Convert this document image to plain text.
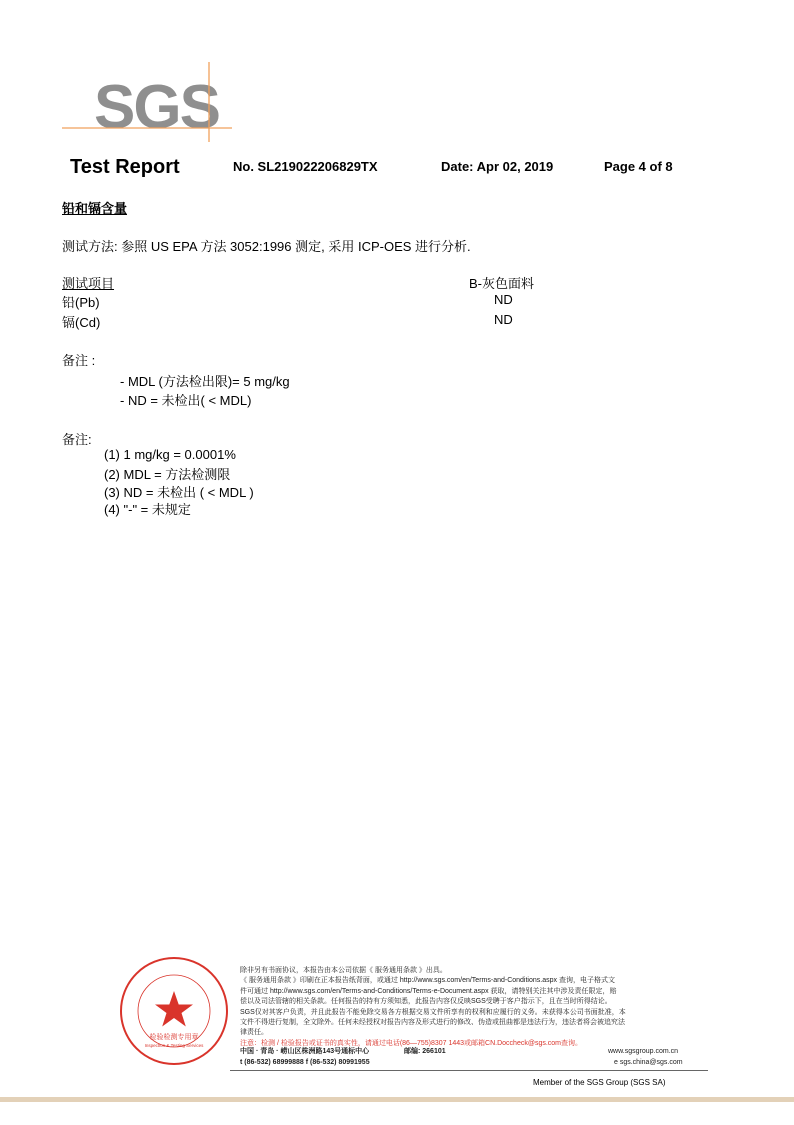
SGS
Test Report	No. SL219022206829TX	Date: Apr 02, 2019	Page 4 of 8
铅和镉含量
测试方法: 参照 US EPA 方法 3052:1996 测定, 采用 ICP-OES 进行分析.
测试项目	B-灰色面料
铅(Pb)	ND
镉(Cd)	ND
备注 :
- MDL (方法检出限)= 5 mg/kg
- ND = 未检出( < MDL)
备注:
(1) 1 mg/kg = 0.0001%
(2) MDL = 方法检测限
(3) ND = 未检出 ( < MDL )
(4) "-" = 未规定
检验检测专用章
Inspection & Testing Services
除非另有书面协议，本报告由本公司依据《 服务通用条款 》出具。
《 服务通用条款 》印刷在正本报告纸背面，或通过 http://www.sgs.com/en/Terms-and-Conditions.aspx 查询，电子格式文
件可通过 http://www.sgs.com/en/Terms-and-Conditions/Terms-e-Document.aspx 获取，请特别关注其中涉及责任限定，赔
偿以及司法管辖的相关条款。任何报告的持有方须知悉，此报告内容仅反映SGS受聘于客户指示下，且在当时所得结论。
SGS仅对其客户负责，并且此报告不能免除交易各方根据交易文件所享有的权利和应履行的义务。未获得本公司书面批准，本
文件不得进行复制，全文除外。任何未经授权对报告内容及形式进行的修改、伪造或扭曲都是违法行为，违法者将会被追究法
律责任。
注意：检测 / 检验报告或证书的真实性，请通过电话(86—755)8307 1443或邮箱CN.Doccheck@sgs.com查询。
中国 · 青岛 · 崂山区株洲路143号通标中心	邮编: 266101
t (86-532) 68999888 f (86-532) 80991955
www.sgsgroup.com.cn
e sgs.china@sgs.com
Member of the SGS Group (SGS SA)
